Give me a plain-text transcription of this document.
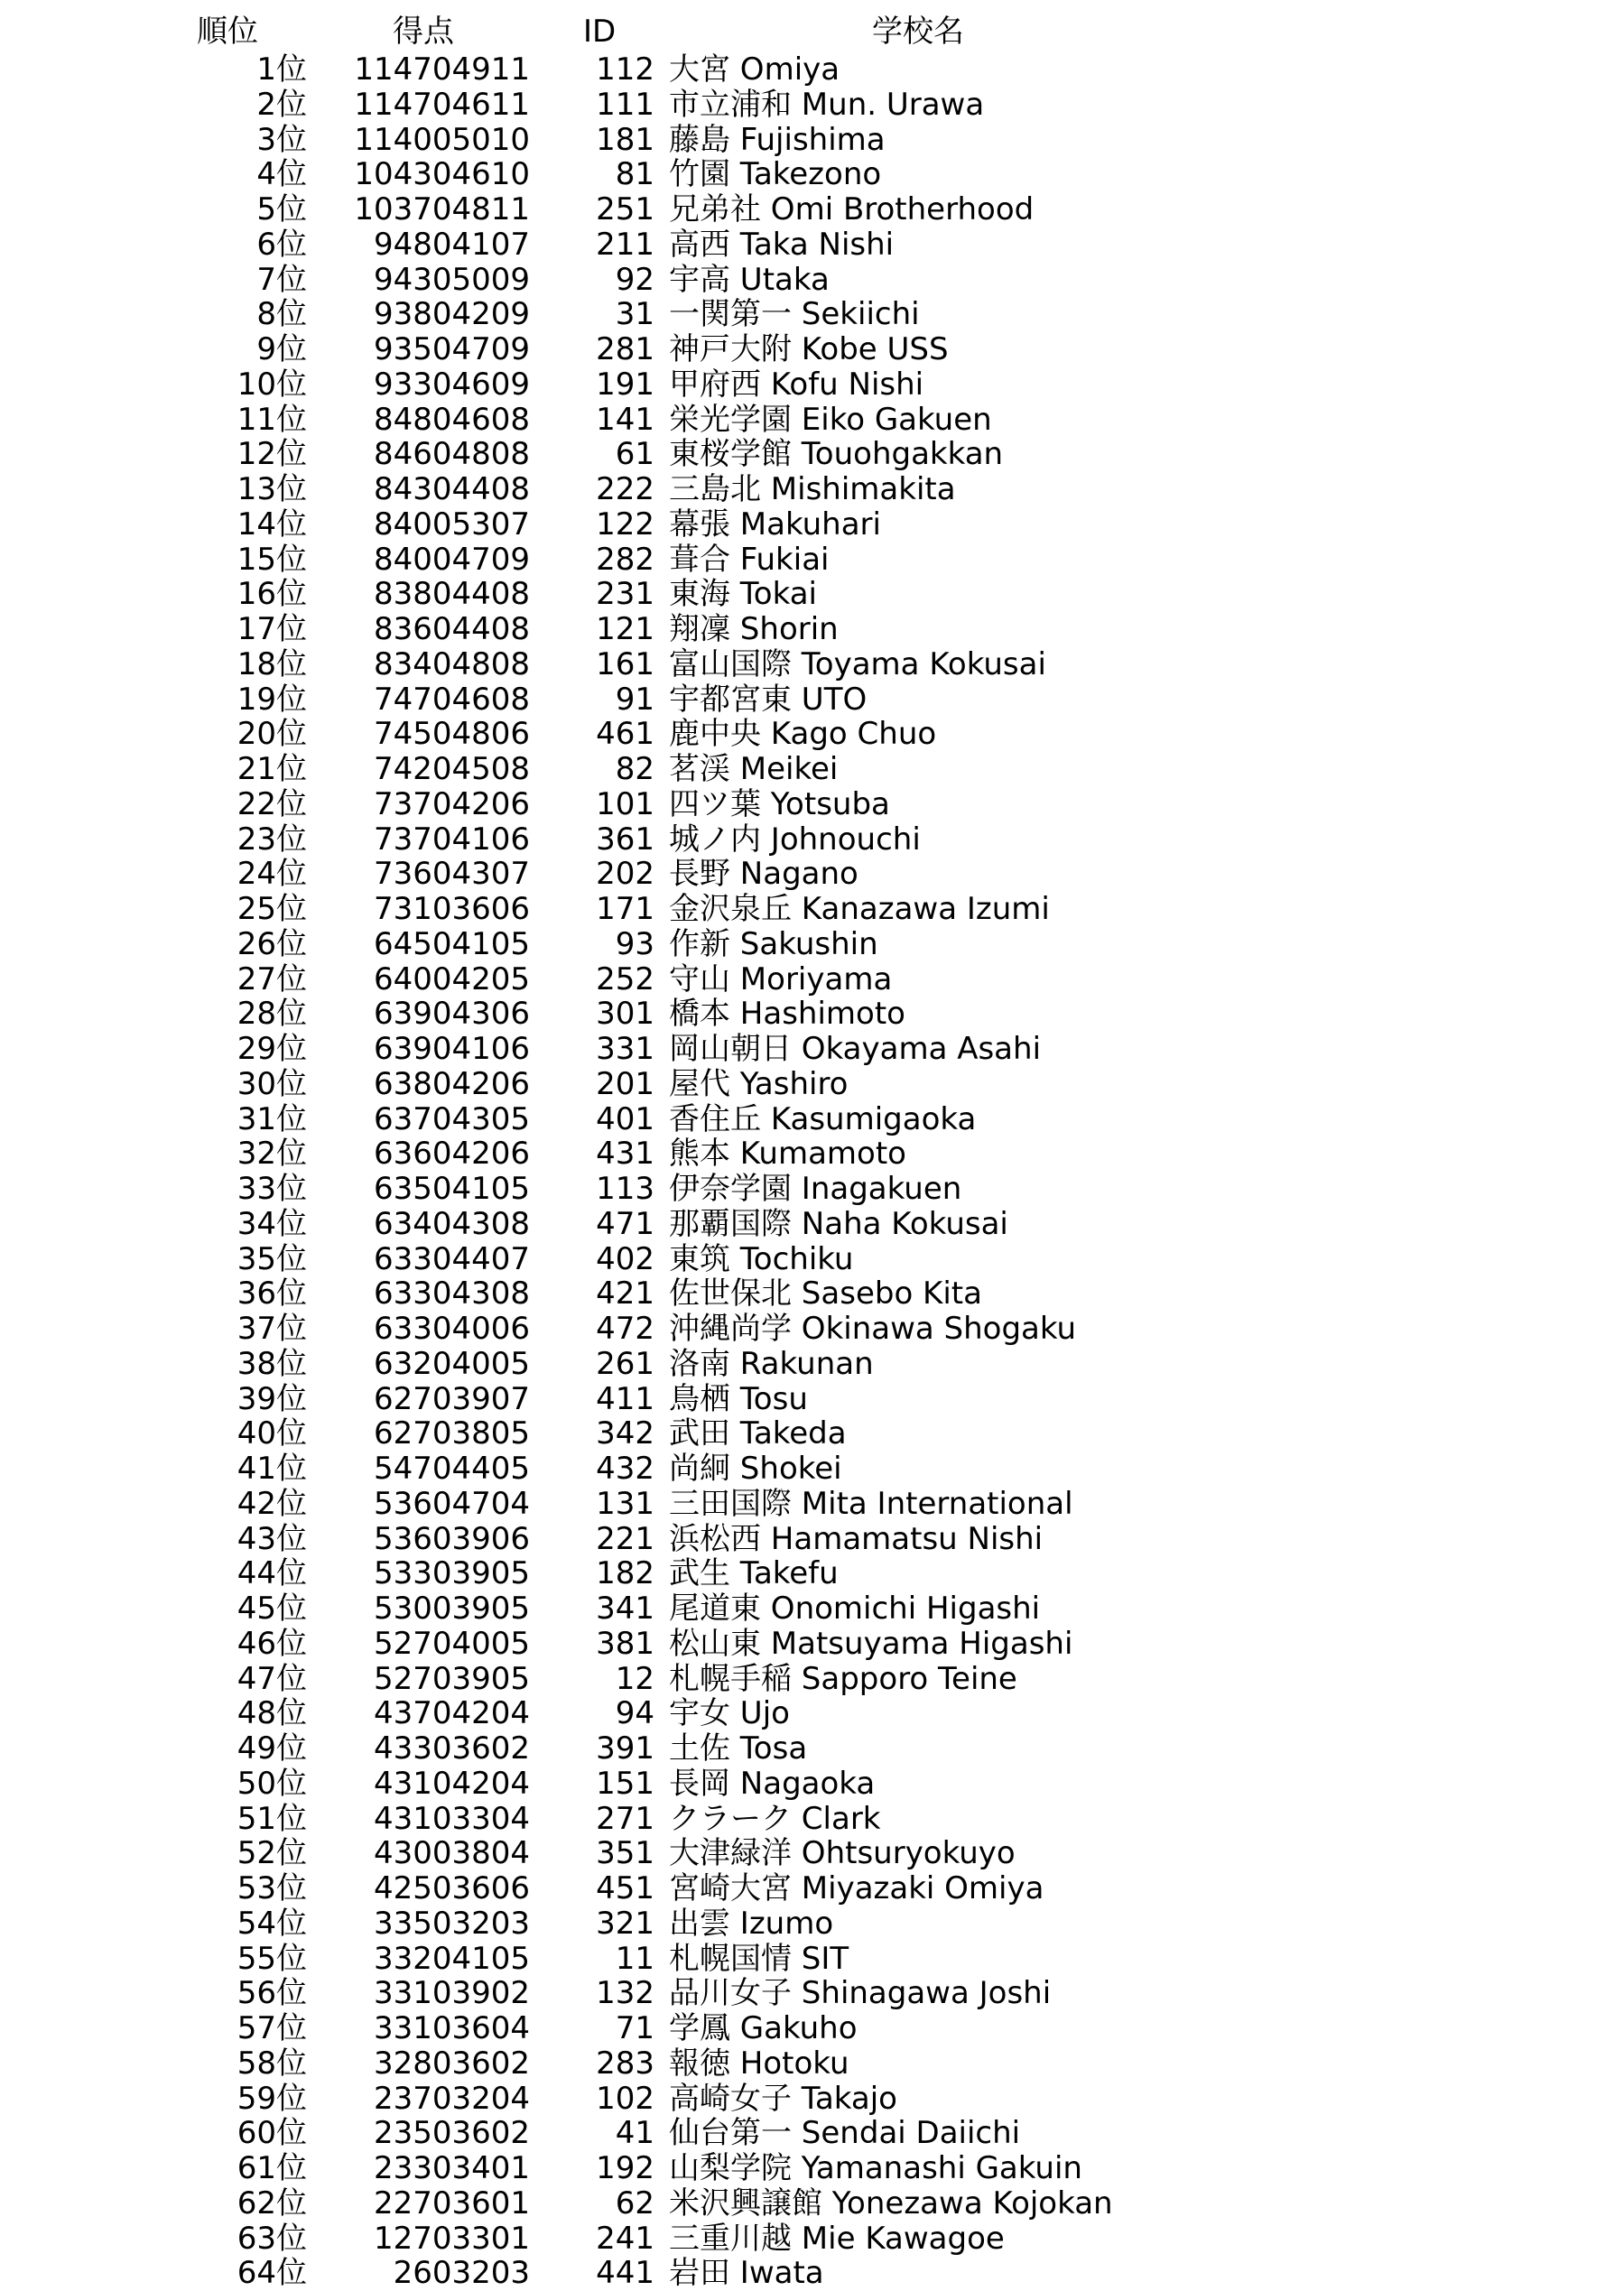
順位	得点	ID	学校名
1位	114704911	112 大宮 Omiya
2位	114704611	111 市立浦和 Mun. Urawa
3位	114005010	181 藤島 Fujishima
4位	104304610	81 竹園 Takezono
5位	103704811	251 兄弟社 Omi Brotherhood
6位	94804107	211 高西 Taka Nishi
7位	94305009	92 宇高 Utaka
8位	93804209	31 一関第一 Sekiichi
9位	93504709	281 神戸大附 Kobe USS
10位	93304609	191 甲府西 Kofu Nishi
11位	84804608	141 栄光学園 Eiko Gakuen
12位	84604808	61 東桜学館 Touohgakkan
13位	84304408	222 三島北 Mishimakita
14位	84005307	122 幕張 Makuhari
15位	84004709	282 葺合 Fukiai
16位	83804408	231 東海 Tokai
17位	83604408	121 翔凜 Shorin
18位	83404808	161 富山国際 Toyama Kokusai
19位	74704608	91 宇都宮東 UTO
20位	74504806	461 鹿中央 Kago Chuo
21位	74204508	82 茗渓 Meikei
22位	73704206	101 四ツ葉 Yotsuba
23位	73704106	361 城ノ内 Johnouchi
24位	73604307	202 長野 Nagano
25位	73103606	171 金沢泉丘 Kanazawa Izumi
26位	64504105	93 作新 Sakushin
27位	64004205	252 守山 Moriyama
28位	63904306	301 橋本 Hashimoto
29位	63904106	331 岡山朝日 Okayama Asahi
30位	63804206	201 屋代 Yashiro
31位	63704305	401 香住丘 Kasumigaoka
32位	63604206	431 熊本 Kumamoto
33位	63504105	113 伊奈学園 Inagakuen
34位	63404308	471 那覇国際 Naha Kokusai
35位	63304407	402 東筑 Tochiku
36位	63304308	421 佐世保北 Sasebo Kita
37位	63304006	472 沖縄尚学 Okinawa Shogaku
38位	63204005	261 洛南 Rakunan
39位	62703907	411 鳥栖 Tosu
40位	62703805	342 武田 Takeda
41位	54704405	432 尚絅 Shokei
42位	53604704	131 三田国際 Mita International
43位	53603906	221 浜松西 Hamamatsu Nishi
44位	53303905	182 武生 Takefu
45位	53003905	341 尾道東 Onomichi Higashi
46位	52704005	381 松山東 Matsuyama Higashi
47位	52703905	12 札幌手稲 Sapporo Teine
48位	43704204	94 宇女 Ujo
49位	43303602	391 土佐 Tosa
50位	43104204	151 長岡 Nagaoka
51位	43103304	271 クラーク Clark
52位	43003804	351 大津緑洋 Ohtsuryokuyo
53位	42503606	451 宮崎大宮 Miyazaki Omiya
54位	33503203	321 出雲 Izumo
55位	33204105	11 札幌国情 SIT
56位	33103902	132 品川女子 Shinagawa Joshi
57位	33103604	71 学鳳 Gakuho
58位	32803602	283 報徳 Hotoku
59位	23703204	102 高崎女子 Takajo
60位	23503602	41 仙台第一 Sendai Daiichi
61位	23303401	192 山梨学院 Yamanashi Gakuin
62位	22703601	62 米沢興譲館 Yonezawa Kojokan
63位	12703301	241 三重川越 Mie Kawagoe
64位	2603203	441 岩田 Iwata
